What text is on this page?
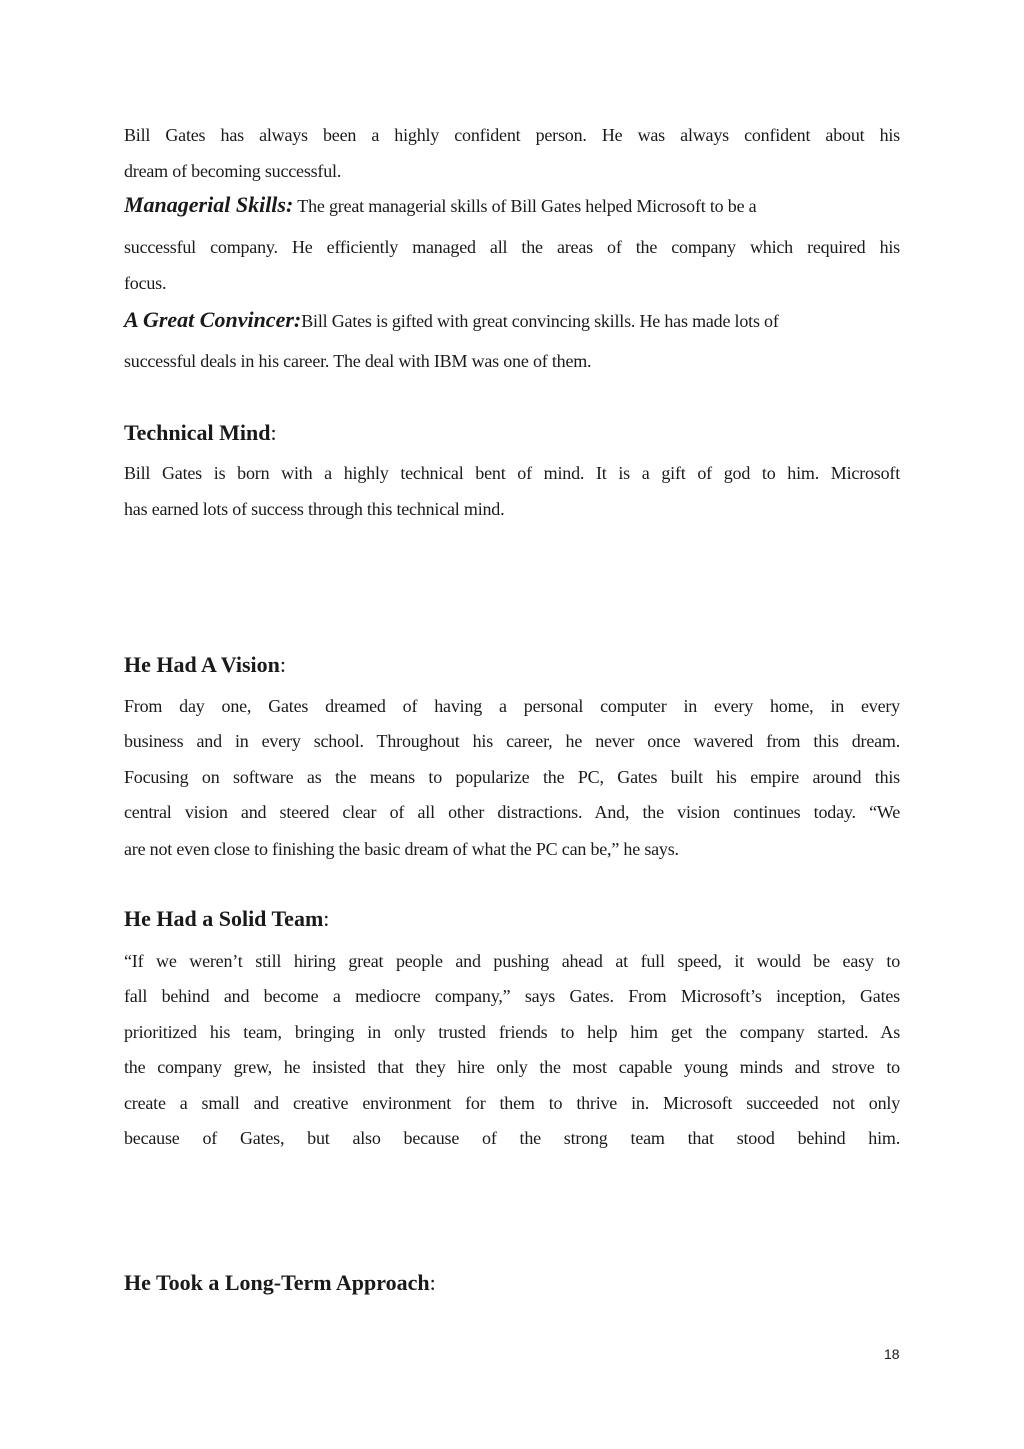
Bill Gates has always been a highly confident person. He was always confident about his
dream of becoming successful.
Managerial Skills: The great managerial skills of Bill Gates helped Microsoft to be a
successful company. He efficiently managed all the areas of the company which required his
focus.
A Great Convincer:Bill Gates is gifted with great convincing skills. He has made lots of
successful deals in his career. The deal with IBM was one of them.
Technical Mind:
Bill Gates is born with a highly technical bent of mind. It is a gift of god to him. Microsoft
has earned lots of success through this technical mind.
He Had A Vision:
From day one, Gates dreamed of having a personal computer in every home, in every
business and in every school. Throughout his career, he never once wavered from this dream.
Focusing on software as the means to popularize the PC, Gates built his empire around this
central vision and steered clear of all other distractions. And, the vision continues today. “We
are not even close to finishing the basic dream of what the PC can be,” he says.
He Had a Solid Team:
“If we weren’t still hiring great people and pushing ahead at full speed, it would be easy to
fall behind and become a mediocre company,” says Gates. From Microsoft’s inception, Gates
prioritized his team, bringing in only trusted friends to help him get the company started. As
the company grew, he insisted that they hire only the most capable young minds and strove to
create a small and creative environment for them to thrive in. Microsoft succeeded not only
because of Gates, but also because of the strong team that stood behind him.
He Took a Long-Term Approach:
18
